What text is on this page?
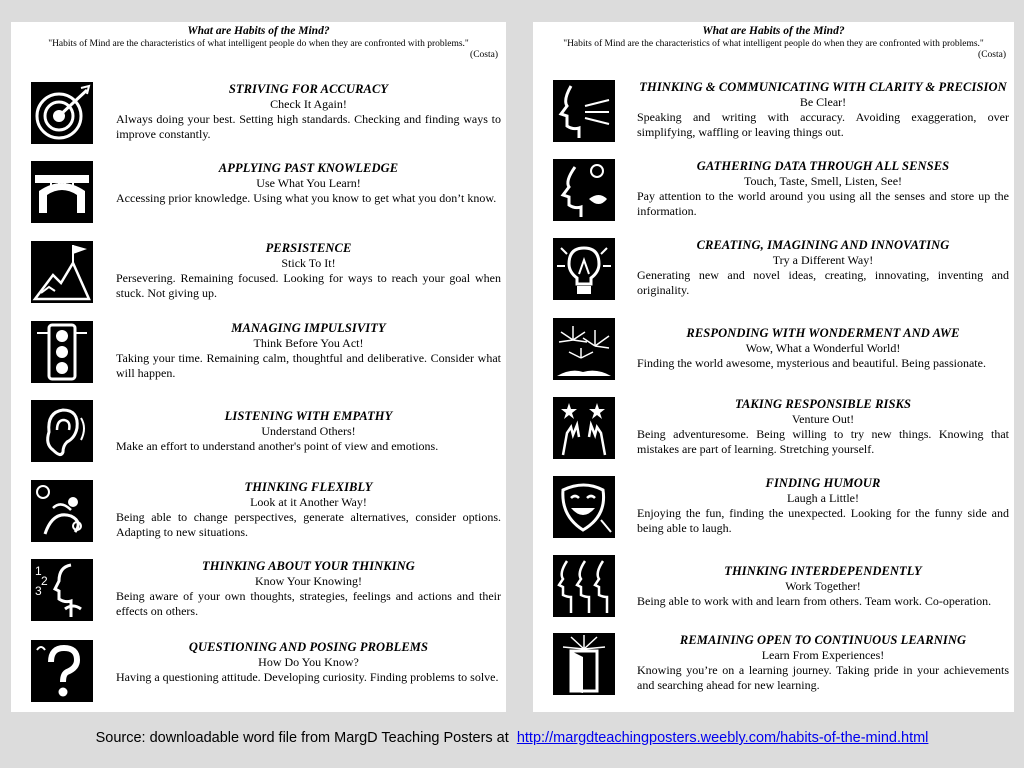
What are Habits of the Mind?
"Habits of Mind are the characteristics of what intelligent people do when they are confronted with problems."
(Costa)
STRIVING FOR ACCURACY
Check It Again!
Always doing your best. Setting high standards. Checking and finding ways to improve constantly.
APPLYING PAST KNOWLEDGE
Use What You Learn!
Accessing prior knowledge. Using what you know to get what you don’t know.
PERSISTENCE
Stick To It!
Persevering. Remaining focused. Looking for ways to reach your goal when stuck. Not giving up.
MANAGING IMPULSIVITY
Think Before You Act!
Taking your time. Remaining calm, thoughtful and deliberative. Consider what will happen.
LISTENING WITH EMPATHY
Understand Others!
Make an effort to understand another's point of view and emotions.
THINKING FLEXIBLY
Look at it Another Way!
Being able to change perspectives, generate alternatives, consider options. Adapting to new situations.
1
2
3
THINKING ABOUT YOUR THINKING
Know Your Knowing!
Being aware of your own thoughts, strategies, feelings and actions and their effects on others.
QUESTIONING AND POSING PROBLEMS
How Do You Know?
Having a questioning attitude. Developing curiosity. Finding problems to solve.
What are Habits of the Mind?
"Habits of Mind are the characteristics of what intelligent people do when they are confronted with problems."
(Costa)
THINKING & COMMUNICATING WITH CLARITY & PRECISION
Be Clear!
Speaking and writing with accuracy. Avoiding exaggeration, over simplifying, waffling or leaving things out.
GATHERING DATA THROUGH ALL SENSES
Touch, Taste, Smell, Listen, See!
Pay attention to the world around you using all the senses and store up the information.
CREATING, IMAGINING AND INNOVATING
Try a Different Way!
Generating new and novel ideas, creating, innovating, inventing and originality.
RESPONDING WITH WONDERMENT AND AWE
Wow, What a Wonderful World!
Finding the world awesome, mysterious and beautiful. Being passionate.
TAKING RESPONSIBLE RISKS
Venture Out!
Being adventuresome. Being willing to try new things. Knowing that mistakes are part of learning. Stretching yourself.
FINDING HUMOUR
Laugh a Little!
Enjoying the fun, finding the unexpected. Looking for the funny side and being able to laugh.
THINKING INTERDEPENDENTLY
Work Together!
Being able to work with and learn from others. Team work. Co-operation.
REMAINING OPEN TO CONTINUOUS LEARNING
Learn From Experiences!
Knowing you’re on a learning journey. Taking pride in your achievements and searching ahead for new learning.
Source: downloadable word file from MargD Teaching Posters at http://margdteachingposters.weebly.com/habits-of-the-mind.html
